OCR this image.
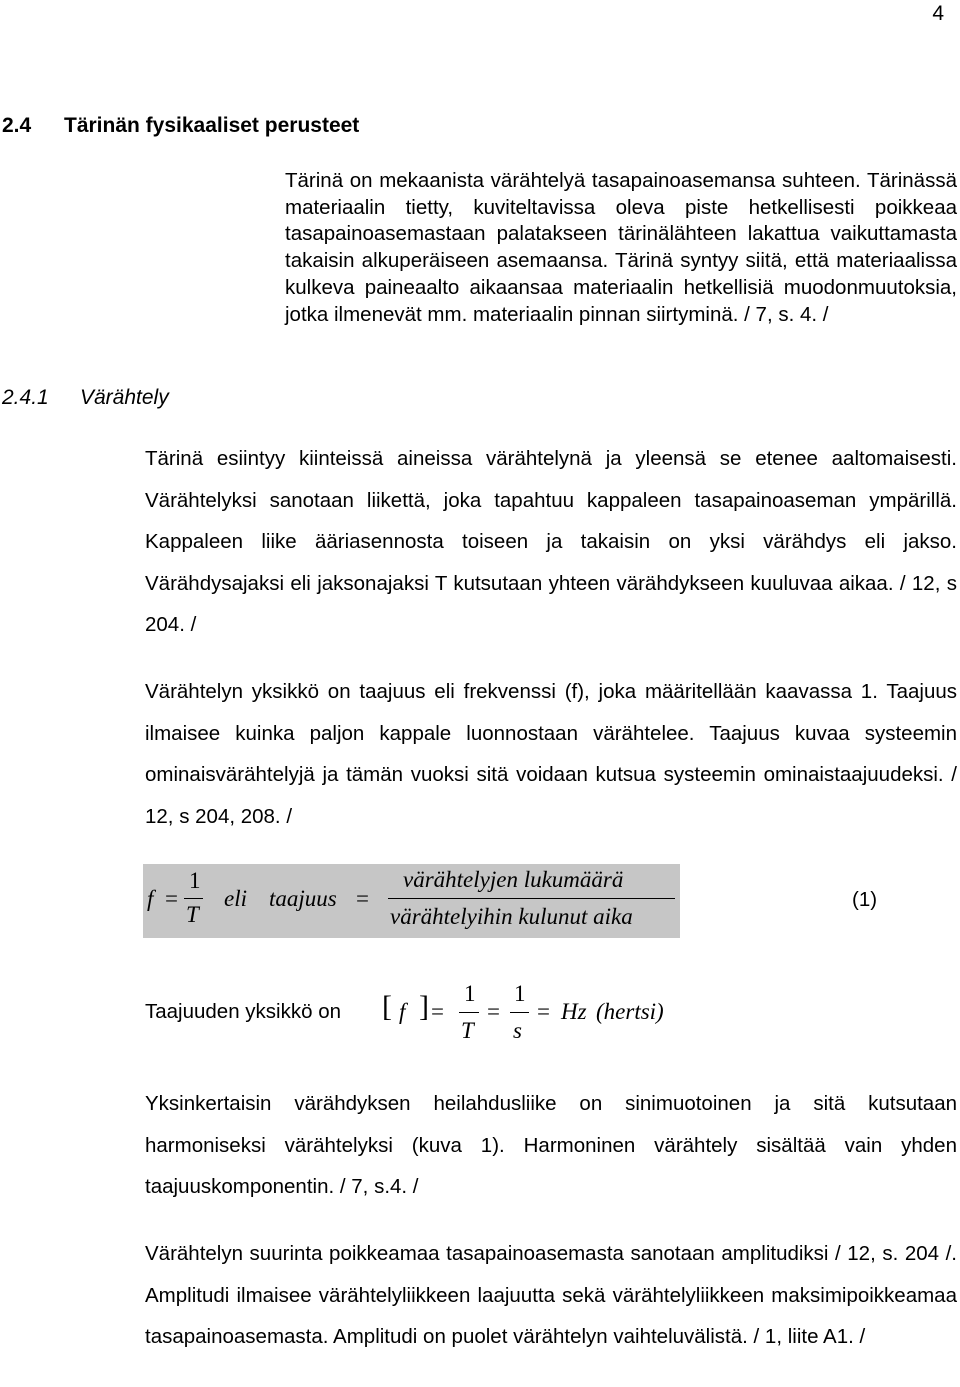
4
2.4 Tärinän fysikaaliset perusteet
Tärinä on mekaanista värähtelyä tasapainoasemansa suhteen. Tärinässä materiaalin tietty, kuviteltavissa oleva piste hetkellisesti poikkeaa tasapainoasemastaan palatakseen tärinälähteen lakattua vaikuttamasta takaisin alkuperäiseen asemaansa. Tärinä syntyy siitä, että materiaalissa kulkeva paineaalto aikaansaa materiaalin hetkellisiä muodonmuutoksia, jotka ilmenevät mm. materiaalin pinnan siirtyminä. / 7, s. 4. /
2.4.1 Värähtely
Tärinä esiintyy kiinteissä aineissa värähtelynä ja yleensä se etenee aaltomaisesti. Värähtelyksi sanotaan liikettä, joka tapahtuu kappaleen tasapainoaseman ympärillä. Kappaleen liike ääriasennosta toiseen ja takaisin on yksi värähdys eli jakso. Värähdysajaksi eli jaksonajaksi T kutsutaan yhteen värähdykseen kuuluvaa aikaa. / 12, s 204. /
Värähtelyn yksikkö on taajuus eli frekvenssi (f), joka määritellään kaavassa 1. Taajuus ilmaisee kuinka paljon kappale luonnostaan värähtelee. Taajuus kuvaa systeemin ominaisvärähtelyjä ja tämän vuoksi sitä voidaan kutsua systeemin ominaistaajuudeksi. / 12, s 204, 208. /
f =
1
T
eli taajuus =
värähtelyjen lukumäärä
värähtelyihin kulunut aika
(1)
Taajuuden yksikkö on [ f ] =
1
T
=
1
s
= Hz (hertsi)
Yksinkertaisin värähdyksen heilahdusliike on sinimuotoinen ja sitä kutsutaan harmoniseksi värähtelyksi (kuva 1). Harmoninen värähtely sisältää vain yhden taajuuskomponentin. / 7, s.4. /
Värähtelyn suurinta poikkeamaa tasapainoasemasta sanotaan amplitudiksi / 12, s. 204 /. Amplitudi ilmaisee värähtelyliikkeen laajuutta sekä värähtelyliikkeen maksimipoikkeamaa tasapainoasemasta. Amplitudi on puolet värähtelyn vaihteluvälistä. / 1, liite A1. /
